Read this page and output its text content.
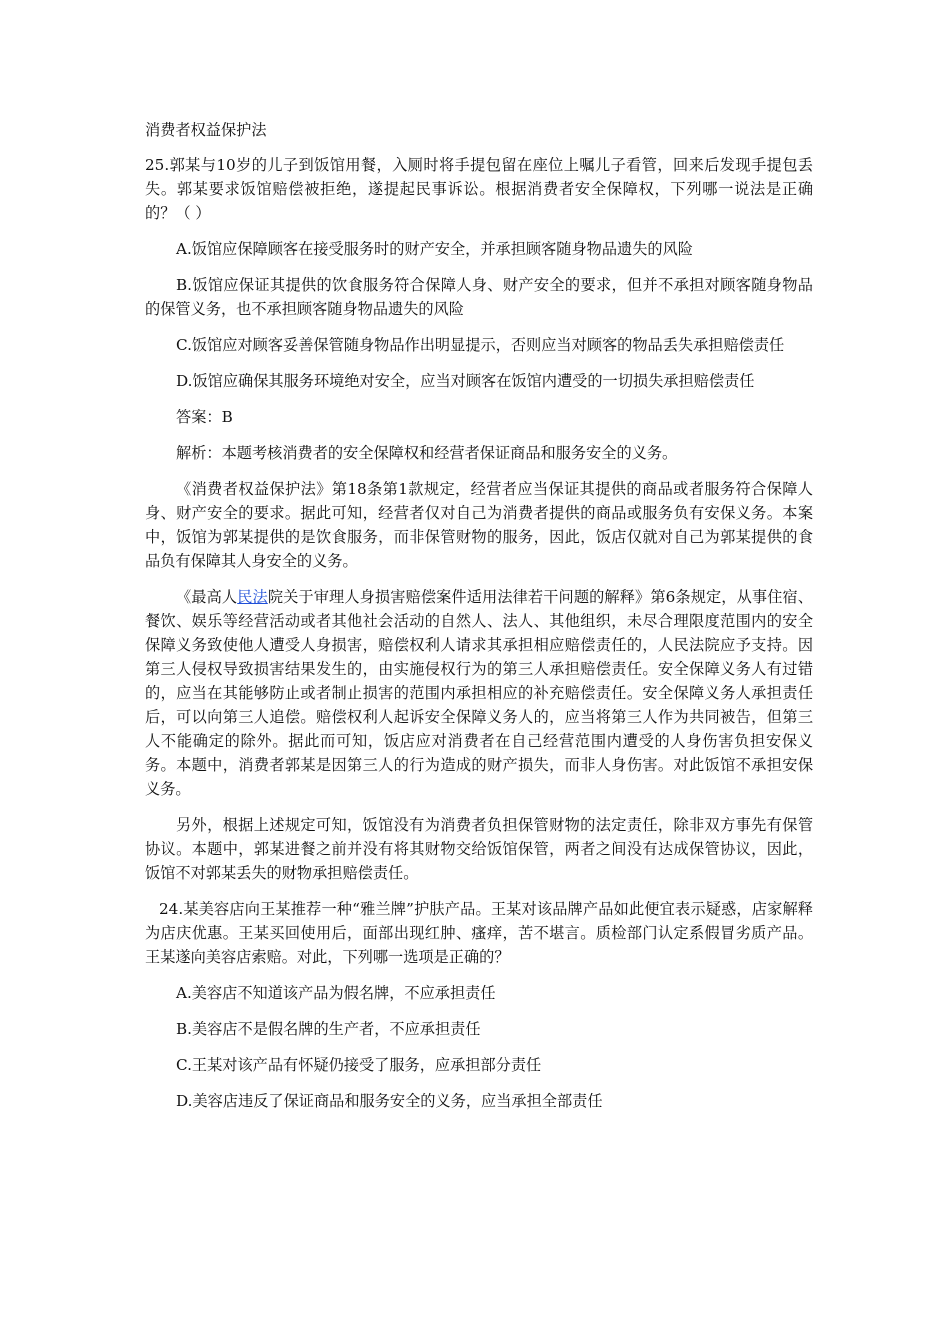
消费者权益保护法

25.郭某与10岁的儿子到饭馆用餐，入厕时将手提包留在座位上嘱儿子看管，回来后发现手提包丢失。郭某要求饭馆赔偿被拒绝，遂提起民事诉讼。根据消费者安全保障权，下列哪一说法是正确的？（ ）

A.饭馆应保障顾客在接受服务时的财产安全，并承担顾客随身物品遗失的风险

B.饭馆应保证其提供的饮食服务符合保障人身、财产安全的要求，但并不承担对顾客随身物品的保管义务，也不承担顾客随身物品遗失的风险

C.饭馆应对顾客妥善保管随身物品作出明显提示，否则应当对顾客的物品丢失承担赔偿责任

D.饭馆应确保其服务环境绝对安全，应当对顾客在饭馆内遭受的一切损失承担赔偿责任

答案：B

解析：本题考核消费者的安全保障权和经营者保证商品和服务安全的义务。

《消费者权益保护法》第18条第1款规定，经营者应当保证其提供的商品或者服务符合保障人身、财产安全的要求。据此可知，经营者仅对自己为消费者提供的商品或服务负有安保义务。本案中，饭馆为郭某提供的是饮食服务，而非保管财物的服务，因此，饭店仅就对自己为郭某提供的食品负有保障其人身安全的义务。

《最高人民法院关于审理人身损害赔偿案件适用法律若干问题的解释》第6条规定，从事住宿、餐饮、娱乐等经营活动或者其他社会活动的自然人、法人、其他组织，未尽合理限度范围内的安全保障义务致使他人遭受人身损害，赔偿权利人请求其承担相应赔偿责任的，人民法院应予支持。因第三人侵权导致损害结果发生的，由实施侵权行为的第三人承担赔偿责任。安全保障义务人有过错的，应当在其能够防止或者制止损害的范围内承担相应的补充赔偿责任。安全保障义务人承担责任后，可以向第三人追偿。赔偿权利人起诉安全保障义务人的，应当将第三人作为共同被告，但第三人不能确定的除外。据此而可知，饭店应对消费者在自己经营范围内遭受的人身伤害负担安保义务。本题中，消费者郭某是因第三人的行为造成的财产损失，而非人身伤害。对此饭馆不承担安保义务。

另外，根据上述规定可知，饭馆没有为消费者负担保管财物的法定责任，除非双方事先有保管协议。本题中，郭某进餐之前并没有将其财物交给饭馆保管，两者之间没有达成保管协议，因此，饭馆不对郭某丢失的财物承担赔偿责任。

24.某美容店向王某推荐一种“雅兰牌”护肤产品。王某对该品牌产品如此便宜表示疑惑，店家解释为店庆优惠。王某买回使用后，面部出现红肿、瘙痒，苦不堪言。质检部门认定系假冒劣质产品。王某遂向美容店索赔。对此，下列哪一选项是正确的？

A.美容店不知道该产品为假名牌，不应承担责任

B.美容店不是假名牌的生产者，不应承担责任

C.王某对该产品有怀疑仍接受了服务，应承担部分责任

D.美容店违反了保证商品和服务安全的义务，应当承担全部责任
